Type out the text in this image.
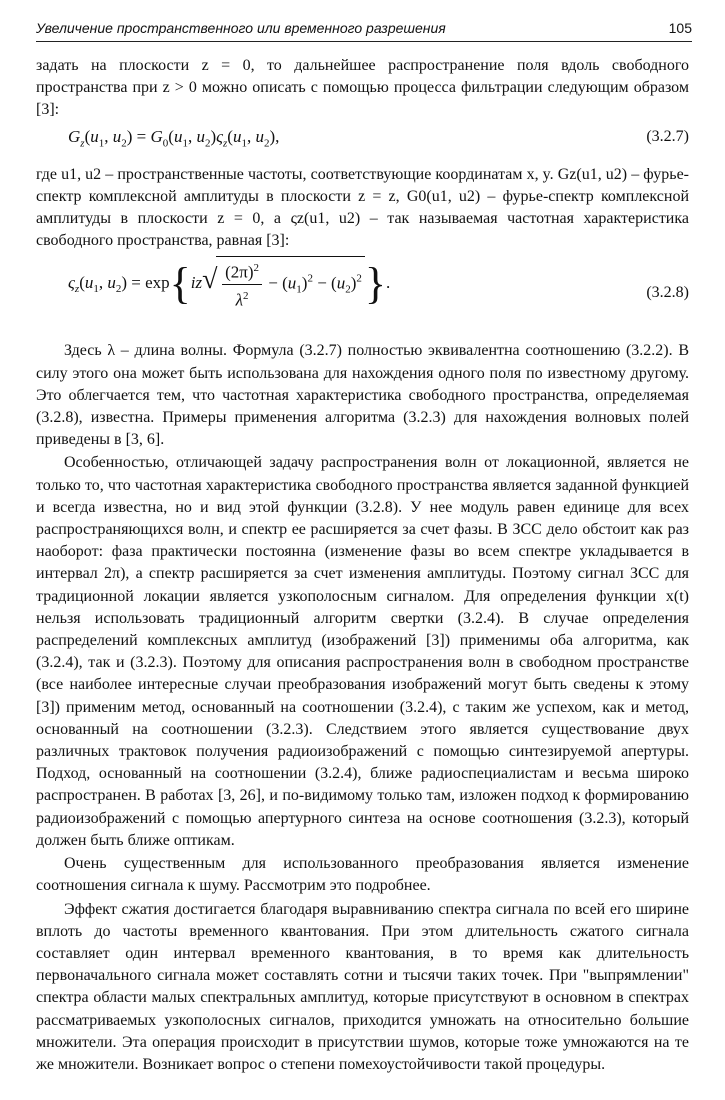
Увеличение пространственного или временного разрешения	105

задать на плоскости z = 0, то дальнейшее распространение поля вдоль свободного пространства при z > 0 можно описать с помощью процесса фильтрации следующим образом [3]:

$G_z(u_1$, $u_2) = G_0(u_1$, $u_2)\varsigma_z(u_1$, $u_2$),	(3.2.7)

где u1, u2 – пространственные частоты, соответствующие координатам x, y. Gz(u1, u2) – фурье-спектр комплексной амплитуды в плоскости z = z, G0(u1, u2) – фурье-спектр комплексной амплитуды в плоскости z = 0, а ςz(u1, u2) – так называемая частотная характеристика свободного пространства, равная [3]:

$\varsigma_z(u_1$, $u_2) = \exp\{iz$
√ $\frac{(2\pi)^2}{\lambda^2} - (u_1)^2 - (u_2)^2$}.
(3.2.8)

Здесь λ – длина волны. Формула (3.2.7) полностью эквивалентна соотношению (3.2.2). В силу этого она может быть использована для нахождения одного поля по известному другому. Это облегчается тем, что частотная характеристика свободного пространства, определяемая (3.2.8), известна. Примеры применения алгоритма (3.2.3) для нахождения волновых полей приведены в [3, 6].

Особенностью, отличающей задачу распространения волн от локационной, является не только то, что частотная характеристика свободного пространства является заданной функцией и всегда известна, но и вид этой функции (3.2.8). У нее модуль равен единице для всех распространяющихся волн, и спектр ее расширяется за счет фазы. В ЗСС дело обстоит как раз наоборот: фаза практически постоянна (изменение фазы во всем спектре укладывается в интервал 2π), а спектр расширяется за счет изменения амплитуды. Поэтому сигнал ЗСС для традиционной локации является узкополосным сигналом. Для определения функции x(t) нельзя использовать традиционный алгоритм свертки (3.2.4). В случае определения распределений комплексных амплитуд (изображений [3]) применимы оба алгоритма, как (3.2.4), так и (3.2.3). Поэтому для описания распространения волн в свободном пространстве (все наиболее интересные случаи преобразования изображений могут быть сведены к этому [3]) применим метод, основанный на соотношении (3.2.4), с таким же успехом, как и метод, основанный на соотношении (3.2.3). Следствием этого является существование двух различных трактовок получения радиоизображений с помощью синтезируемой апертуры. Подход, основанный на соотношении (3.2.4), ближе радиоспециалистам и весьма широко распространен. В работах [3, 26], и по-видимому только там, изложен подход к формированию радиоизображений с помощью апертурного синтеза на основе соотношения (3.2.3), который должен быть ближе оптикам.

Очень существенным для использованного преобразования является изменение соотношения сигнала к шуму. Рассмотрим это подробнее.

Эффект сжатия достигается благодаря выравниванию спектра сигнала по всей его ширине вплоть до частоты временного квантования. При этом длительность сжатого сигнала составляет один интервал временного квантования, в то время как длительность первоначального сигнала может составлять сотни и тысячи таких точек. При "выпрямлении" спектра области малых спектральных амплитуд, которые присутствуют в основном в спектрах рассматриваемых узкополосных сигналов, приходится умножать на относительно большие множители. Эта операция происходит в присутствии шумов, которые тоже умножаются на те же множители. Возникает вопрос о степени помехоустойчивости такой процедуры.
